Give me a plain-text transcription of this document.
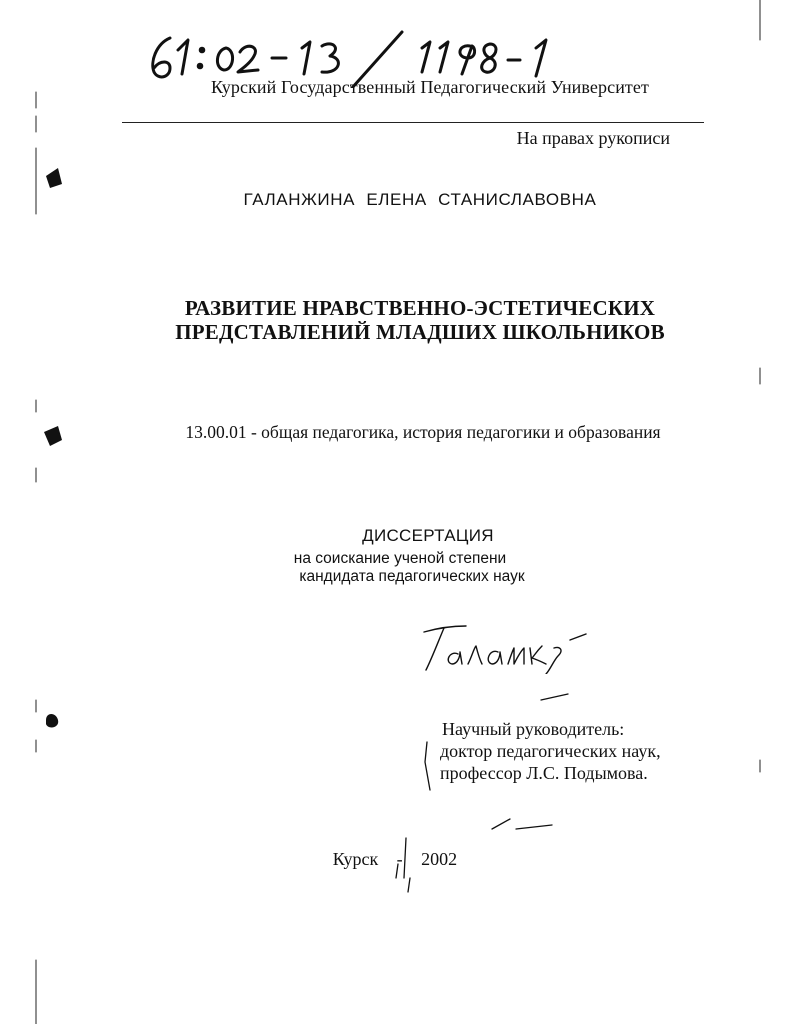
Курский Государственный Педагогический Университет
На правах рукописи
ГАЛАНЖИНА ЕЛЕНА СТАНИСЛАВОВНА
РАЗВИТИЕ НРАВСТВЕННО-ЭСТЕТИЧЕСКИХ
ПРЕДСТАВЛЕНИЙ МЛАДШИХ ШКОЛЬНИКОВ
13.00.01 - общая педагогика, история педагогики и образования
ДИССЕРТАЦИЯ
на соискание ученой степени
кандидата педагогических наук
Научный руководитель:
доктор педагогических наук,
профессор Л.С. Подымова.
Курск - 2002
